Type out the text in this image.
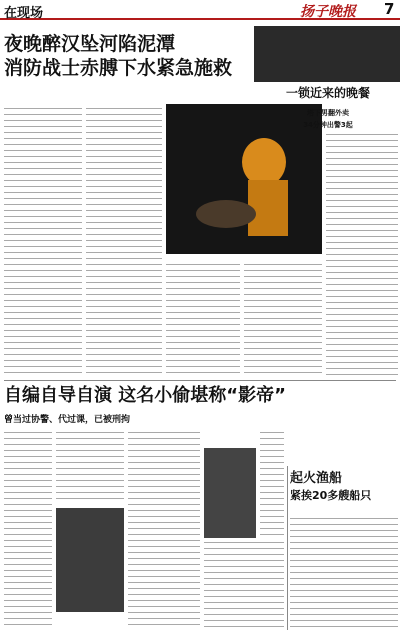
在现场	扬子晚报 7
夜晚醉汉坠河陷泥潭
消防战士赤膊下水紧急施救
一锁近来的晚餐
塔下男翻外卖
34分钟出警3起
自编自导自演 这名小偷堪称“影帝”
曾当过协警、代过课，已被刑拘
起火渔船
紧挨20多艘船只
